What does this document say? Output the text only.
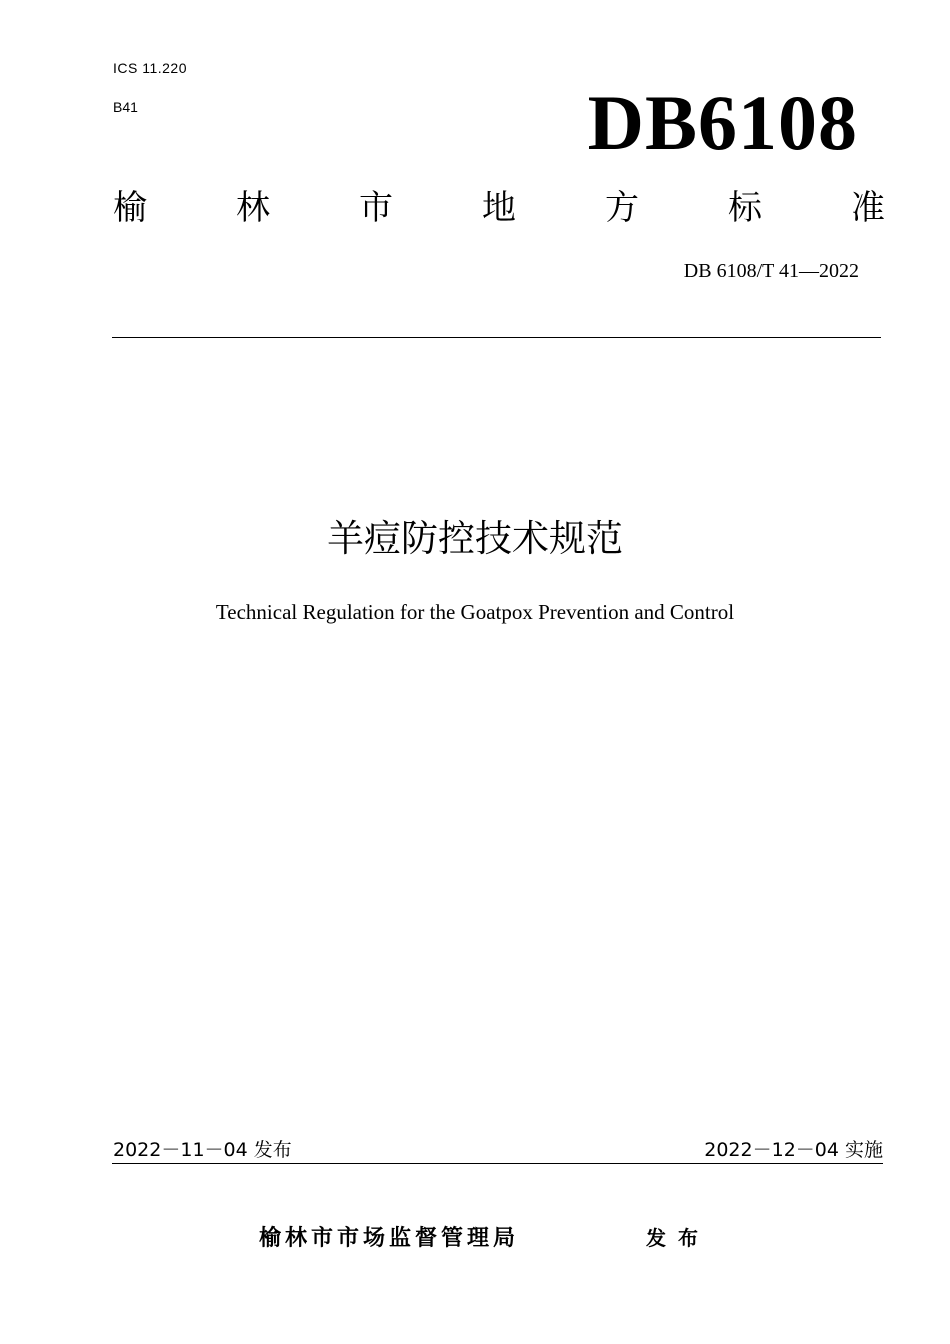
ICS 11.220
B41	DB6108
榆	林	市	地	方	标	准
DB 6108/T 41—2022
羊痘防控技术规范
Technical Regulation for the Goatpox Prevention and Control
2022－11－04 发布	2022－12－04 实施
榆林市市场监督管理局	发布
